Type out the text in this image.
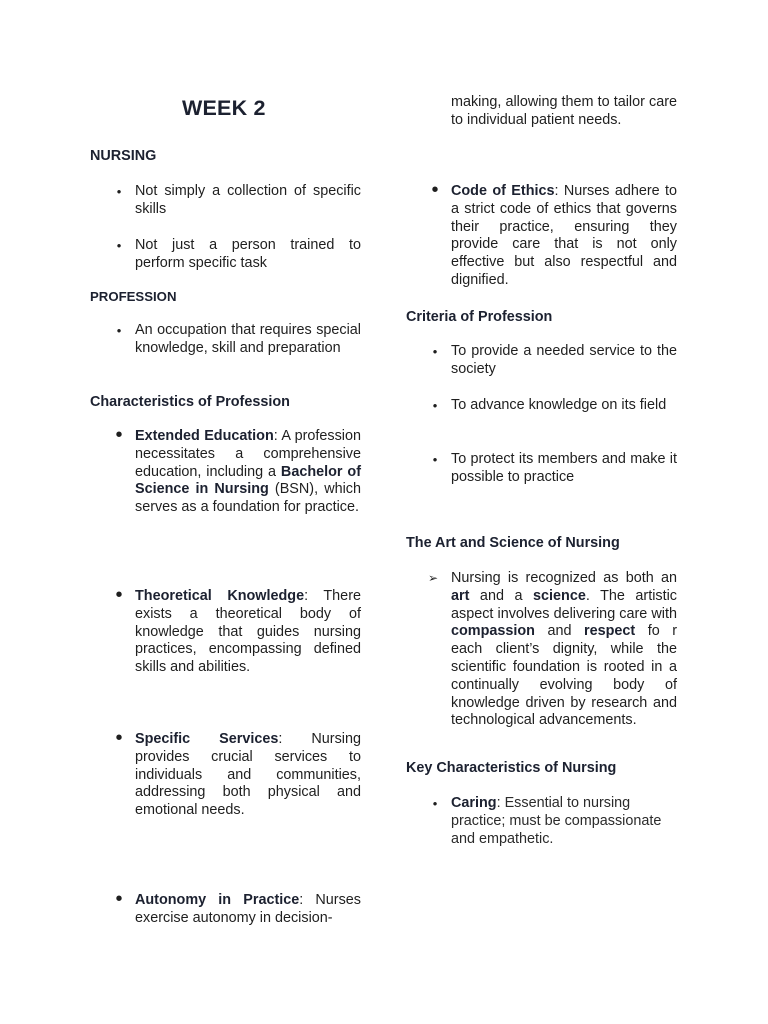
WEEK 2
NURSING
• Not simply a collection of specific skills
• Not just a person trained to perform specific task
PROFESSION
• An occupation that requires special knowledge, skill and preparation
Characteristics of Profession
• Extended Education: A profession necessitates a comprehensive education, including a Bachelor of Science in Nursing (BSN), which serves as a foundation for practice.
• Theoretical Knowledge: There exists a theoretical body of knowledge that guides nursing practices, encompassing defined skills and abilities.
• Specific Services: Nursing provides crucial services to individuals and communities, addressing both physical and emotional needs.
• Autonomy in Practice: Nurses exercise autonomy in decision-
making, allowing them to tailor care to individual patient needs.
• Code of Ethics: Nurses adhere to a strict code of ethics that governs their practice, ensuring they provide care that is not only effective but also respectful and dignified.
Criteria of Profession
• To provide a needed service to the society
• To advance knowledge on its field
• To protect its members and make it possible to practice
The Art and Science of Nursing
➢ Nursing is recognized as both an art and a science. The artistic aspect involves delivering care with compassion and respect fo r each client’s dignity, while the scientific foundation is rooted in a continually evolving body of knowledge driven by research and technological advancements.
Key Characteristics of Nursing
• Caring: Essential to nursing practice; must be compassionate and empathetic.
